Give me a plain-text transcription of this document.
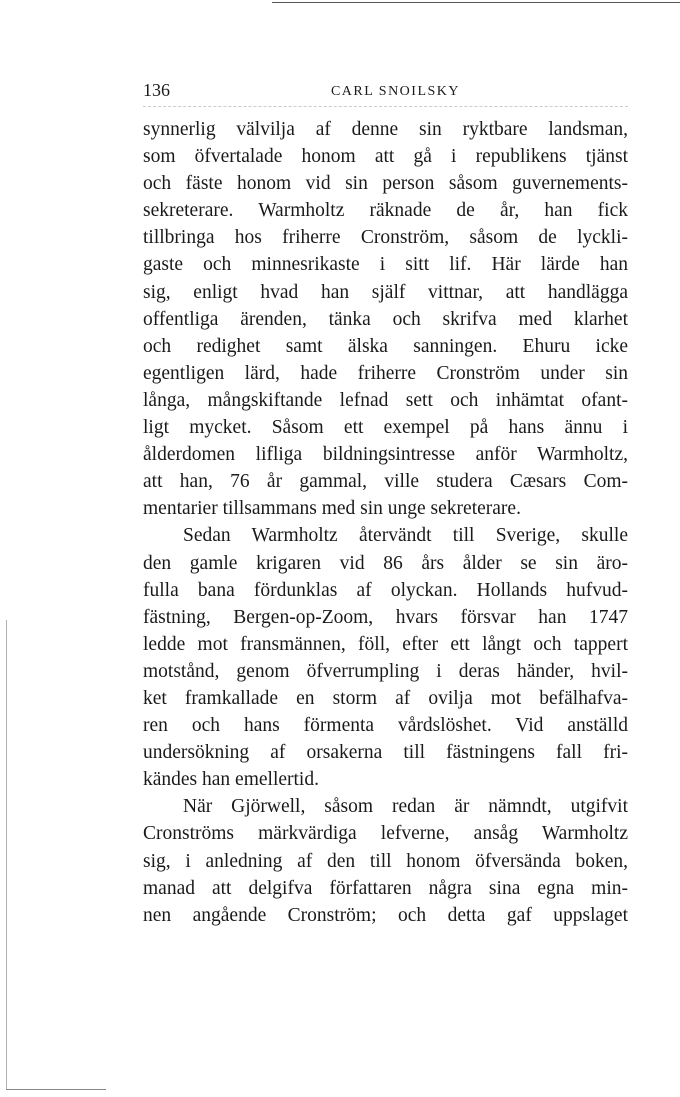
136	CARL SNOILSKY
synnerlig välvilja af denne sin ryktbare landsman,
som öfvertalade honom att gå i republikens tjänst
och fäste honom vid sin person såsom guvernements-
sekreterare. Warmholtz räknade de år, han fick
tillbringa hos friherre Cronström, såsom de lyckli-
gaste och minnesrikaste i sitt lif. Här lärde han
sig, enligt hvad han själf vittnar, att handlägga
offentliga ärenden, tänka och skrifva med klarhet
och redighet samt älska sanningen. Ehuru icke
egentligen lärd, hade friherre Cronström under sin
långa, mångskiftande lefnad sett och inhämtat ofant-
ligt mycket. Såsom ett exempel på hans ännu i
ålderdomen lifliga bildningsintresse anför Warmholtz,
att han, 76 år gammal, ville studera Cæsars Com-
mentarier tillsammans med sin unge sekreterare.
Sedan Warmholtz återvändt till Sverige, skulle
den gamle krigaren vid 86 års ålder se sin äro-
fulla bana fördunklas af olyckan. Hollands hufvud-
fästning, Bergen-op-Zoom, hvars försvar han 1747
ledde mot fransmännen, föll, efter ett långt och tappert
motstånd, genom öfverrumpling i deras händer, hvil-
ket framkallade en storm af ovilja mot befälhafva-
ren och hans förmenta vårdslöshet. Vid anställd
undersökning af orsakerna till fästningens fall fri-
kändes han emellertid.
När Gjörwell, såsom redan är nämndt, utgifvit
Cronströms märkvärdiga lefverne, ansåg Warmholtz
sig, i anledning af den till honom öfversända boken,
manad att delgifva författaren några sina egna min-
nen angående Cronström; och detta gaf uppslaget
